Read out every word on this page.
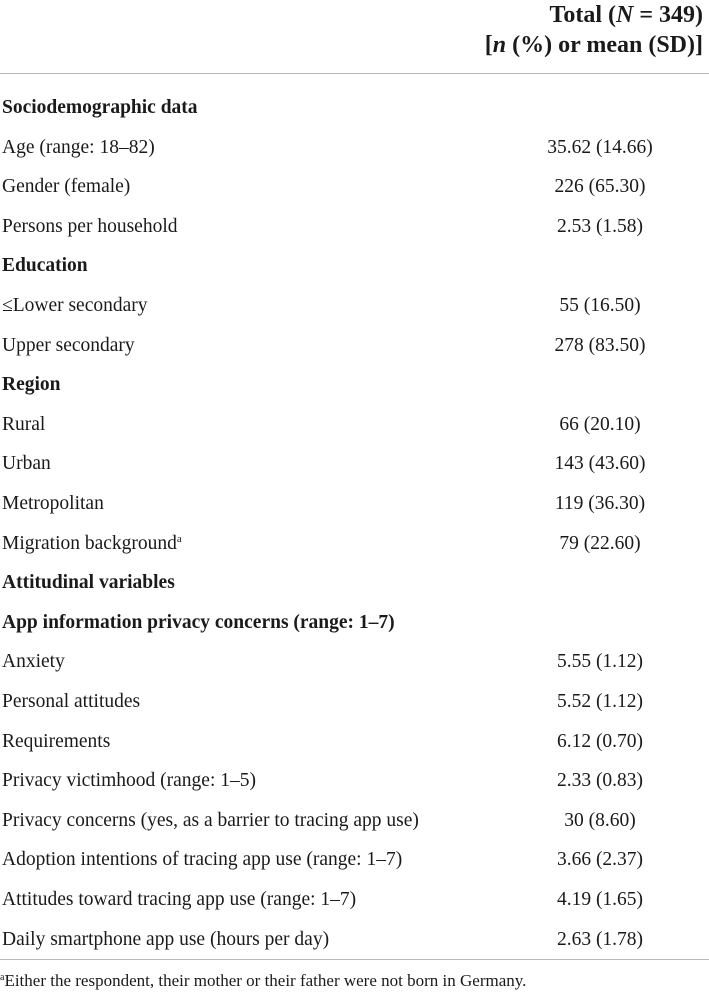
Total (N = 349)
[n (%) or mean (SD)]
Sociodemographic data
Age (range: 18–82)	35.62 (14.66)
Gender (female)	226 (65.30)
Persons per household	2.53 (1.58)
Education
≤Lower secondary	55 (16.50)
Upper secondary	278 (83.50)
Region
Rural	66 (20.10)
Urban	143 (43.60)
Metropolitan	119 (36.30)
Migration background$^a$	79 (22.60)
Attitudinal variables
App information privacy concerns (range: 1–7)
Anxiety	5.55 (1.12)
Personal attitudes	5.52 (1.12)
Requirements	6.12 (0.70)
Privacy victimhood (range: 1–5)	2.33 (0.83)
Privacy concerns (yes, as a barrier to tracing app use)	30 (8.60)
Adoption intentions of tracing app use (range: 1–7)	3.66 (2.37)
Attitudes toward tracing app use (range: 1–7)	4.19 (1.65)
Daily smartphone app use (hours per day)	2.63 (1.78)
$^a$Either the respondent, their mother or their father were not born in Germany.
